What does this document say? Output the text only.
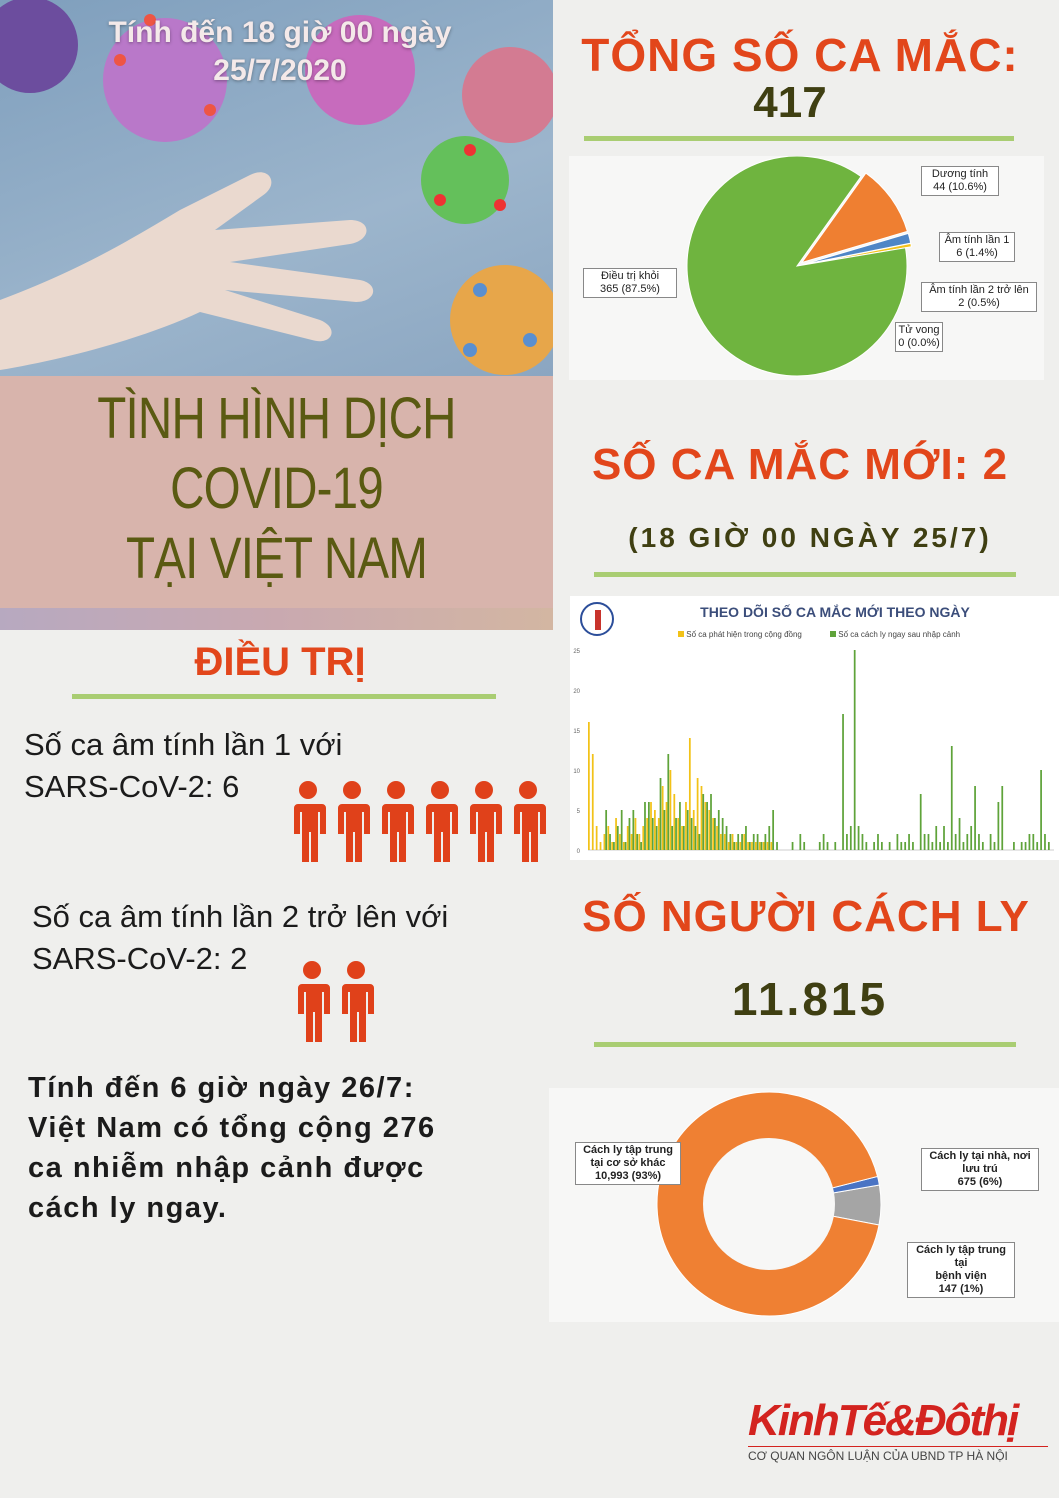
Tính đến 18 giờ 00 ngày
25/7/2020
TÌNH HÌNH DỊCH
COVID-19
TẠI VIỆT NAM
TỔNG SỐ CA MẮC:
417
Điều trị khỏi
365 (87.5%)
Dương tính
44 (10.6%)
Âm tính lần 1
6 (1.4%)
Âm tính lần 2 trở lên
2 (0.5%)
Tử vong
0 (0.0%)
SỐ CA MẮC MỚI: 2
(18 GIỜ 00 NGÀY 25/7)
THEO DÕI SỐ CA MẮC MỚI THEO NGÀY
Số ca phát hiện trong cộng đồng	Số ca cách ly ngay sau nhập cảnh
0
5
10
15
20
25
ĐIỀU TRỊ
Số ca âm tính lần 1 với
SARS-CoV-2: 6
Số ca âm tính lần 2 trở lên với
SARS-CoV-2: 2
Tính đến 6 giờ ngày 26/7:
Việt Nam có tổng cộng 276
ca nhiễm nhập cảnh được
cách ly ngay.
SỐ NGƯỜI CÁCH LY
11.815
Cách ly tập trung
tại cơ sở khác
10,993 (93%)
Cách ly tại nhà, nơi
lưu trú
675 (6%)
Cách ly tập trung tại
bệnh viện
147 (1%)
KinhTế&Đôthị
CƠ QUAN NGÔN LUẬN CỦA UBND TP HÀ NỘI
